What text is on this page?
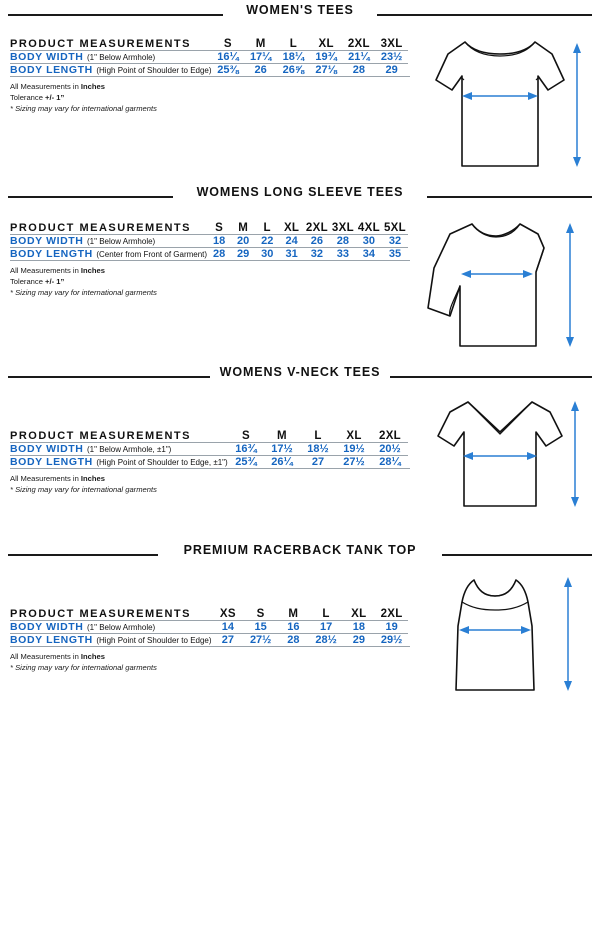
WOMEN'S TEES
PRODUCT MEASUREMENTS	S	M	L	XL	2XL	3XL
BODY WIDTH (1" Below Armhole)	16¼	17¼	18¼	19¾	21¼	23½
BODY LENGTH (High Point of Shoulder to Edge)	25⅜	26	26⅝	27⅛	28	29
All Measurements in Inches
Tolerance +/- 1”
* Sizing may vary for international garments
WOMENS LONG SLEEVE TEES
PRODUCT MEASUREMENTS	S	M	L	XL	2XL	3XL	4XL	5XL
BODY WIDTH (1" Below Armhole)	18	20	22	24	26	28	30	32
BODY LENGTH (Center from Front of Garment)	28	29	30	31	32	33	34	35
All Measurements in Inches
Tolerance +/- 1”
* Sizing may vary for international garments
WOMENS V-NECK TEES
PRODUCT MEASUREMENTS	S	M	L	XL	2XL
BODY WIDTH (1" Below Armhole, ±1")	16¾	17½	18½	19½	20½
BODY LENGTH (High Point of Shoulder to Edge, ±1")	25¾	26¼	27	27½	28¼
All Measurements in Inches
* Sizing may vary for international garments
PREMIUM RACERBACK TANK TOP
PRODUCT MEASUREMENTS	XS	S	M	L	XL	2XL
BODY WIDTH (1" Below Armhole)	14	15	16	17	18	19
BODY LENGTH (High Point of Shoulder to Edge)	27	27½	28	28½	29	29½
All Measurements in Inches
* Sizing may vary for international garments
